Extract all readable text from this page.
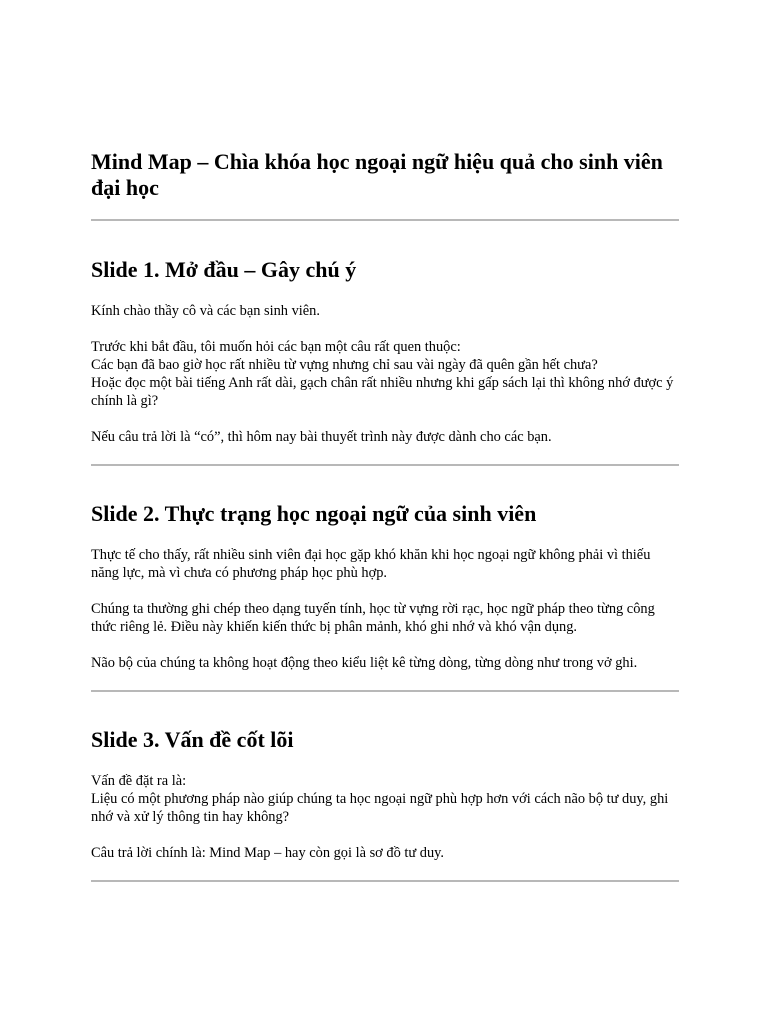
Mind Map – Chìa khóa học ngoại ngữ hiệu quả cho sinh viên đại học
Slide 1. Mở đầu – Gây chú ý

Kính chào thầy cô và các bạn sinh viên.

Trước khi bắt đầu, tôi muốn hỏi các bạn một câu rất quen thuộc:
Các bạn đã bao giờ học rất nhiều từ vựng nhưng chỉ sau vài ngày đã quên gần hết chưa?
Hoặc đọc một bài tiếng Anh rất dài, gạch chân rất nhiều nhưng khi gấp sách lại thì không nhớ được ý chính là gì?

Nếu câu trả lời là “có”, thì hôm nay bài thuyết trình này được dành cho các bạn.

Slide 2. Thực trạng học ngoại ngữ của sinh viên

Thực tế cho thấy, rất nhiều sinh viên đại học gặp khó khăn khi học ngoại ngữ không phải vì thiếu năng lực, mà vì chưa có phương pháp học phù hợp.

Chúng ta thường ghi chép theo dạng tuyến tính, học từ vựng rời rạc, học ngữ pháp theo từng công thức riêng lẻ. Điều này khiến kiến thức bị phân mảnh, khó ghi nhớ và khó vận dụng.

Não bộ của chúng ta không hoạt động theo kiểu liệt kê từng dòng, từng dòng như trong vở ghi.

Slide 3. Vấn đề cốt lõi

Vấn đề đặt ra là:
Liệu có một phương pháp nào giúp chúng ta học ngoại ngữ phù hợp hơn với cách não bộ tư duy, ghi nhớ và xử lý thông tin hay không?

Câu trả lời chính là: Mind Map – hay còn gọi là sơ đồ tư duy.
